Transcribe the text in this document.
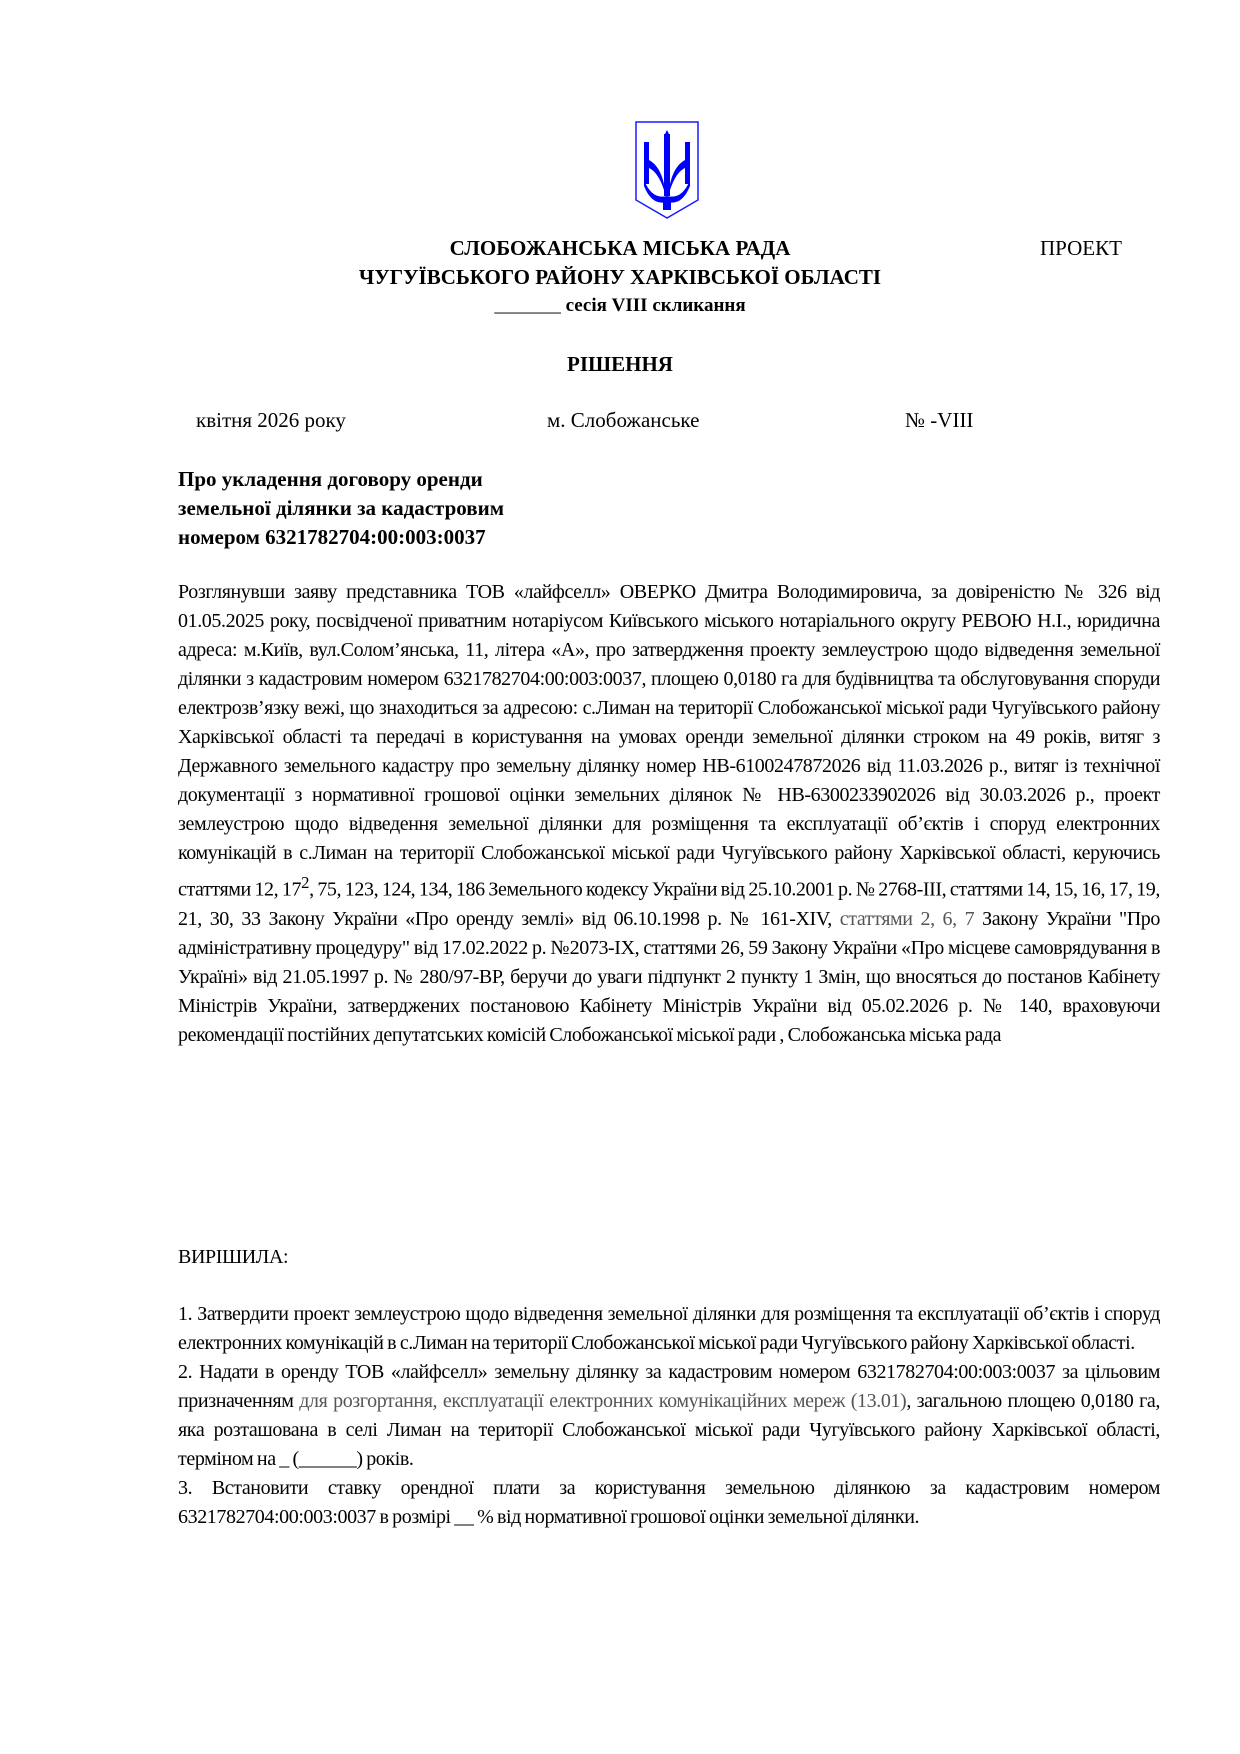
СЛОБОЖАНСЬКА МІСЬКА РАДА	ПРОЕКТ
ЧУГУЇВСЬКОГО РАЙОНУ ХАРКІВСЬКОЇ ОБЛАСТІ
_______ сесія VIII скликання
РІШЕННЯ
квітня 2026 року	м. Слобожанське	№ -VIII
Про укладення договору оренди
земельної ділянки за кадастровим
номером 6321782704:00:003:0037

Розглянувши заяву представника ТОВ «лайфселл» ОВЕРКО Дмитра Володимировича, за довіреністю № 326 від 01.05.2025 року, посвідченої приватним нотаріусом Київського міського нотаріального округу РЕВОЮ Н.І., юридична адреса: м.Київ, вул.Солом’янська, 11, літера «А», про затвердження проекту землеустрою щодо відведення земельної ділянки з кадастровим номером 6321782704:00:003:0037, площею 0,0180 га для будівництва та обслуговування споруди електрозв’язку вежі, що знаходиться за адресою: с.Лиман на території Слобожанської міської ради Чугуївського району Харківської області та передачі в користування на умовах оренди земельної ділянки строком на 49 років, витяг з Державного земельного кадастру про земельну ділянку номер НВ-6100247872026 від 11.03.2026 р., витяг із технічної документації з нормативної грошової оцінки земельних ділянок № НВ-6300233902026 від 30.03.2026 р., проект землеустрою щодо відведення земельної ділянки для розміщення та експлуатації об’єктів і споруд електронних комунікацій в с.Лиман на території Слобожанської міської ради Чугуївського району Харківської області, керуючись статтями 12, $17^2$, 75, 123, 124, 134, 186 Земельного кодексу України від 25.10.2001 р. № 2768-ІІІ, статтями 14, 15, 16, 17, 19, 21, 30, 33 Закону України «Про оренду землі» від 06.10.1998 р. № 161-XIV, статтями 2, 6, 7 Закону України "Про адміністративну процедуру" від 17.02.2022 р. №2073-IX, статтями 26, 59 Закону України «Про місцеве самоврядування в Україні» від 21.05.1997 р. № 280/97-ВР, беручи до уваги підпункт 2 пункту 1 Змін, що вносяться до постанов Кабінету Міністрів України, затверджених постановою Кабінету Міністрів України від 05.02.2026 р. № 140, враховуючи рекомендації постійних депутатських комісій Слобожанської міської ради , Слобожанська міська рада

ВИРІШИЛА:

1. Затвердити проект землеустрою щодо відведення земельної ділянки для розміщення та експлуатації об’єктів і споруд електронних комунікацій в с.Лиман на території Слобожанської міської ради Чугуївського району Харківської області.

2. Надати в оренду ТОВ «лайфселл» земельну ділянку за кадастровим номером 6321782704:00:003:0037 за цільовим призначенням для розгортання, експлуатації електронних комунікаційних мереж (13.01), загальною площею 0,0180 га, яка розташована в селі Лиман на території Слобожанської міської ради Чугуївського району Харківської області, терміном на _ (______) років.

3. Встановити ставку орендної плати за користування земельною ділянкою за кадастровим номером 6321782704:00:003:0037 в розмірі __ % від нормативної грошової оцінки земельної ділянки.
